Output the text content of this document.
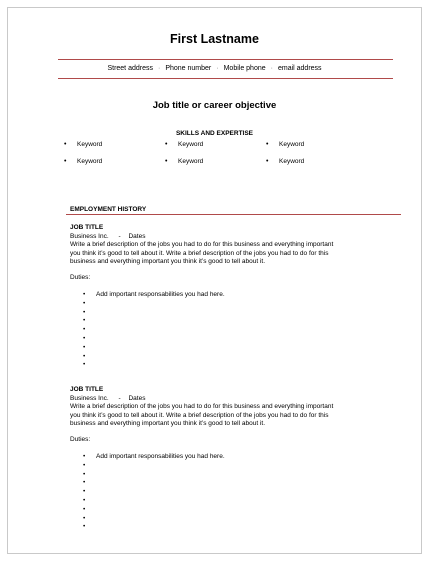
First Lastname
Street address · Phone number · Mobile phone · email address
Job title or career objective
SKILLS AND EXPERTISE
•	Keyword	•	Keyword	•	Keyword
•	Keyword	•	Keyword	•	Keyword
EMPLOYMENT HISTORY
JOB TITLE
Business Inc. - Dates
Write a brief description of the jobs you had to do for this business and everything important
you think it’s good to tell about it. Write a brief description of the jobs you had to do for this
business and everything important you think it’s good to tell about it.
Duties:
•	Add important responsabilities you had here.
•
•
•
•
•
•
•
•
JOB TITLE
Business Inc. - Dates
Write a brief description of the jobs you had to do for this business and everything important
you think it’s good to tell about it. Write a brief description of the jobs you had to do for this
business and everything important you think it’s good to tell about it.
Duties:
•	Add important responsabilities you had here.
•
•
•
•
•
•
•
•
